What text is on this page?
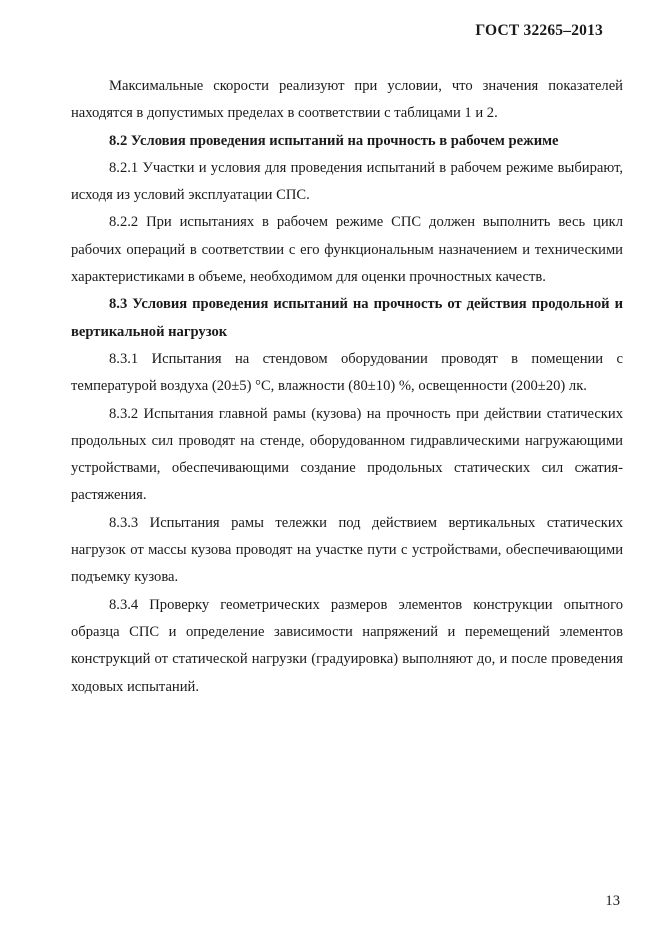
ГОСТ 32265–2013

Максимальные скорости реализуют при условии, что значения показателей находятся в допустимых пределах в соответствии с таблицами 1 и 2.

8.2 Условия проведения испытаний на прочность в рабочем режиме

8.2.1 Участки и условия для проведения испытаний в рабочем режиме выбирают, исходя из условий эксплуатации СПС.

8.2.2 При испытаниях в рабочем режиме СПС должен выполнить весь цикл рабочих операций в соответствии с его функциональным назначением и техническими характеристиками в объеме, необходимом для оценки прочностных качеств.

8.3 Условия проведения испытаний на прочность от действия продольной и вертикальной нагрузок

8.3.1 Испытания на стендовом оборудовании проводят в помещении с температурой воздуха (20±5) °С, влажности (80±10) %, освещенности (200±20) лк.

8.3.2 Испытания главной рамы (кузова) на прочность при действии статических продольных сил проводят на стенде, оборудованном гидравлическими нагружающими устройствами, обеспечивающими создание продольных статических сил сжатия-растяжения.

8.3.3 Испытания рамы тележки под действием вертикальных статических нагрузок от массы кузова проводят на участке пути с устройствами, обеспечивающими подъемку кузова.

8.3.4 Проверку геометрических размеров элементов конструкции опытного образца СПС и определение зависимости напряжений и перемещений элементов конструкций от статической нагрузки (градуировка) выполняют до, и после проведения ходовых испытаний.

13
